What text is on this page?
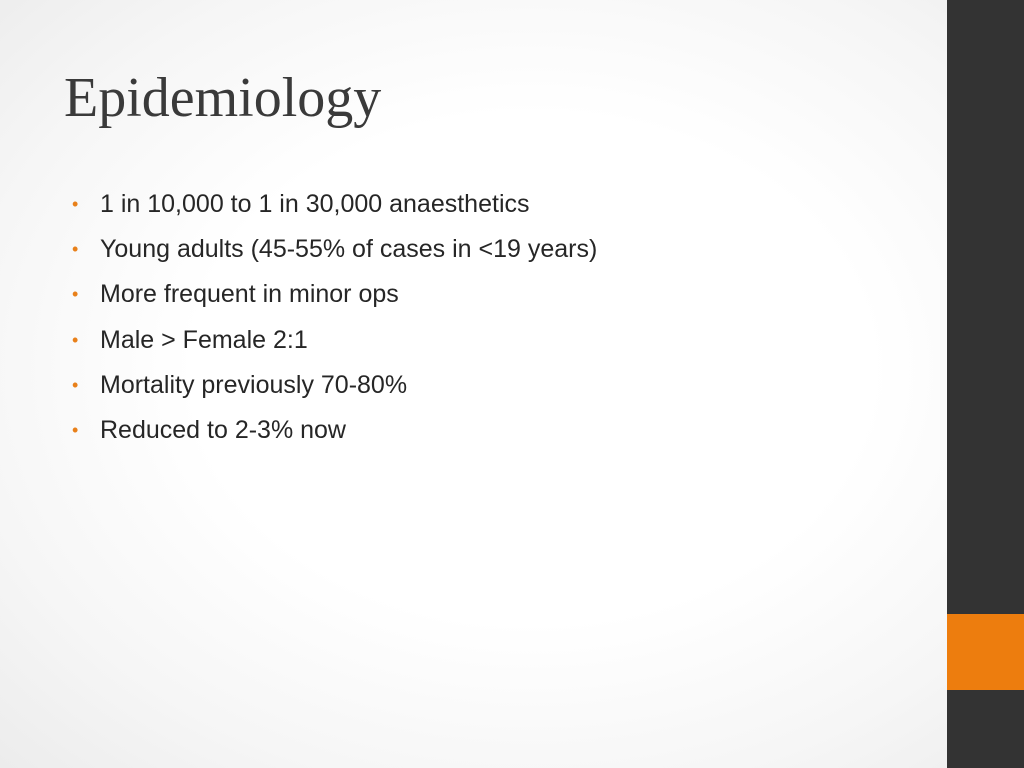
Epidemiology
• 1 in 10,000 to 1 in 30,000 anaesthetics
• Young adults (45-55% of cases in <19 years)
• More frequent in minor ops
• Male > Female 2:1
• Mortality previously 70-80%
• Reduced to 2-3% now
